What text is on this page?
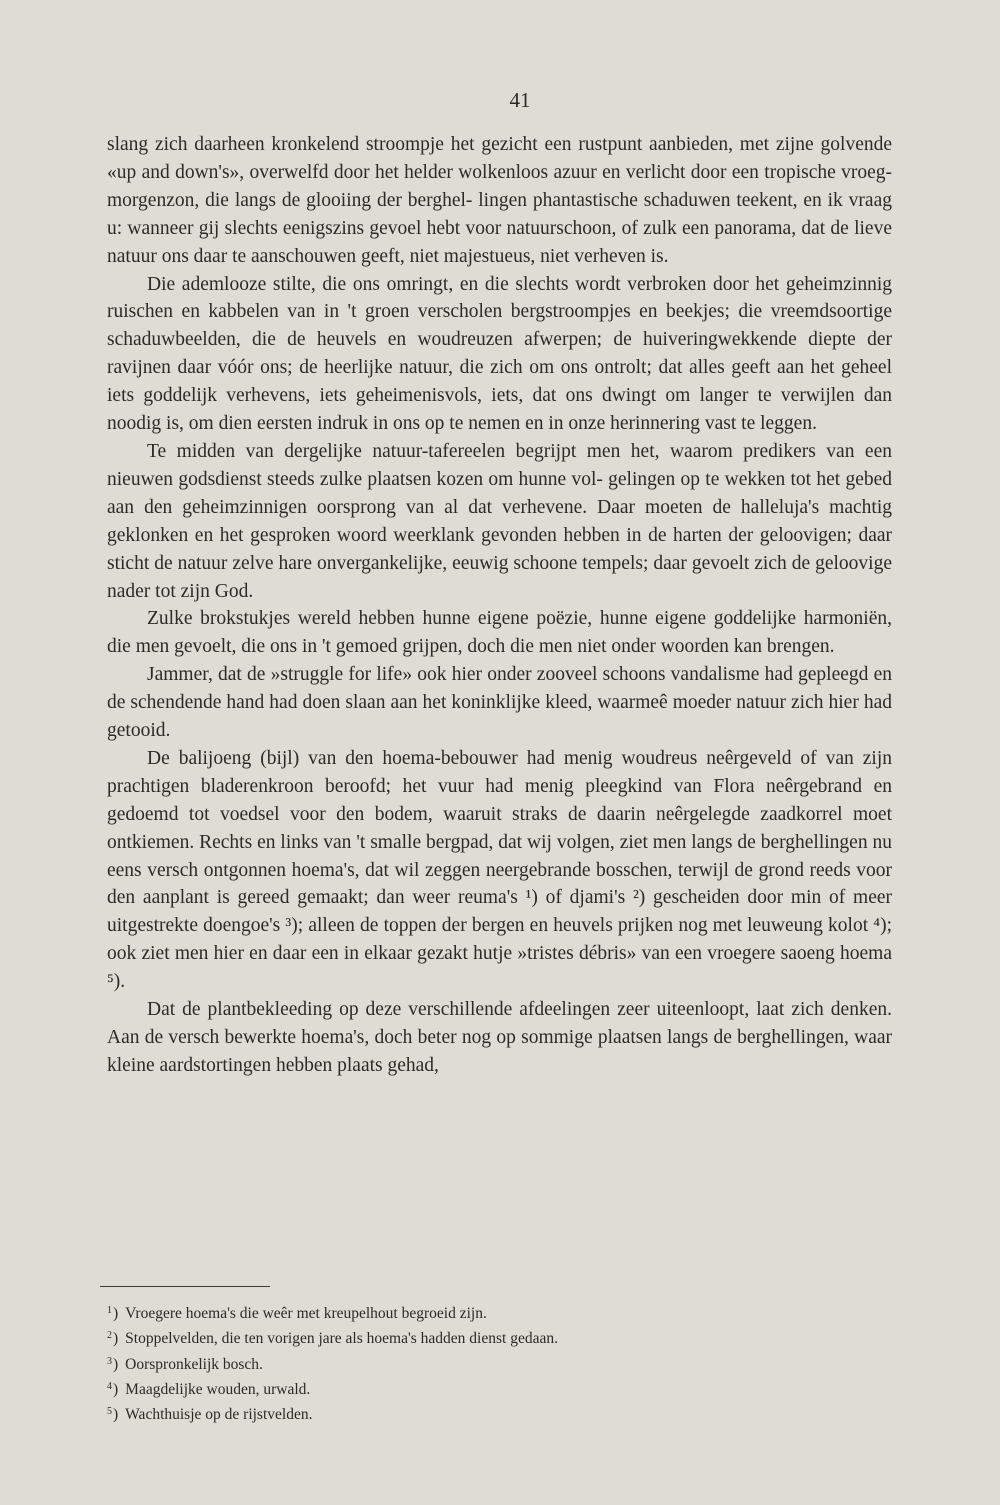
41

slang zich daarheen kronkelend stroompje het gezicht een rustpunt aanbieden, met zijne golvende «up and down's», overwelfd door het helder wolkenloos azuur en verlicht door een tropische vroeg-morgenzon, die langs de glooiing der berghel- lingen phantastische schaduwen teekent, en ik vraag u: wanneer gij slechts eenigszins gevoel hebt voor natuurschoon, of zulk een panorama, dat de lieve natuur ons daar te aanschouwen geeft, niet majestueus, niet verheven is.

Die ademlooze stilte, die ons omringt, en die slechts wordt verbroken door het geheimzinnig ruischen en kabbelen van in 't groen verscholen bergstroompjes en beekjes; die vreemdsoortige schaduwbeelden, die de heuvels en woudreuzen afwerpen; de huiveringwekkende diepte der ravijnen daar vóór ons; de heerlijke natuur, die zich om ons ontrolt; dat alles geeft aan het geheel iets goddelijk verhevens, iets geheimenisvols, iets, dat ons dwingt om langer te verwijlen dan noodig is, om dien eersten indruk in ons op te nemen en in onze herinnering vast te leggen.

Te midden van dergelijke natuur-tafereelen begrijpt men het, waarom predikers van een nieuwen godsdienst steeds zulke plaatsen kozen om hunne vol- gelingen op te wekken tot het gebed aan den geheimzinnigen oorsprong van al dat verhevene. Daar moeten de halleluja's machtig geklonken en het gesproken woord weerklank gevonden hebben in de harten der geloovigen; daar sticht de natuur zelve hare onvergankelijke, eeuwig schoone tempels; daar gevoelt zich de geloovige nader tot zijn God.

Zulke brokstukjes wereld hebben hunne eigene poëzie, hunne eigene goddelijke harmoniën, die men gevoelt, die ons in 't gemoed grijpen, doch die men niet onder woorden kan brengen.

Jammer, dat de »struggle for life» ook hier onder zooveel schoons vandalisme had gepleegd en de schendende hand had doen slaan aan het koninklijke kleed, waarmeê moeder natuur zich hier had getooid.

De balijoeng (bijl) van den hoema-bebouwer had menig woudreus neêrgeveld of van zijn prachtigen bladerenkroon beroofd; het vuur had menig pleegkind van Flora neêrgebrand en gedoemd tot voedsel voor den bodem, waaruit straks de daarin neêrgelegde zaadkorrel moet ontkiemen. Rechts en links van 't smalle bergpad, dat wij volgen, ziet men langs de berghellingen nu eens versch ontgonnen hoema's, dat wil zeggen neergebrande bosschen, terwijl de grond reeds voor den aanplant is gereed gemaakt; dan weer reuma's ¹) of djami's ²) gescheiden door min of meer uitgestrekte doengoe's ³); alleen de toppen der bergen en heuvels prijken nog met leuweung kolot ⁴); ook ziet men hier en daar een in elkaar gezakt hutje »tristes débris» van een vroegere saoeng hoema ⁵).

Dat de plantbekleeding op deze verschillende afdeelingen zeer uiteenloopt, laat zich denken. Aan de versch bewerkte hoema's, doch beter nog op sommige plaatsen langs de berghellingen, waar kleine aardstortingen hebben plaats gehad,

$^1$) Vroegere hoema's die weêr met kreupelhout begroeid zijn.
$^2$) Stoppelvelden, die ten vorigen jare als hoema's hadden dienst gedaan.
$^3$) Oorspronkelijk bosch.
$^4$) Maagdelijke wouden, urwald.
$^5$) Wachthuisje op de rijstvelden.
